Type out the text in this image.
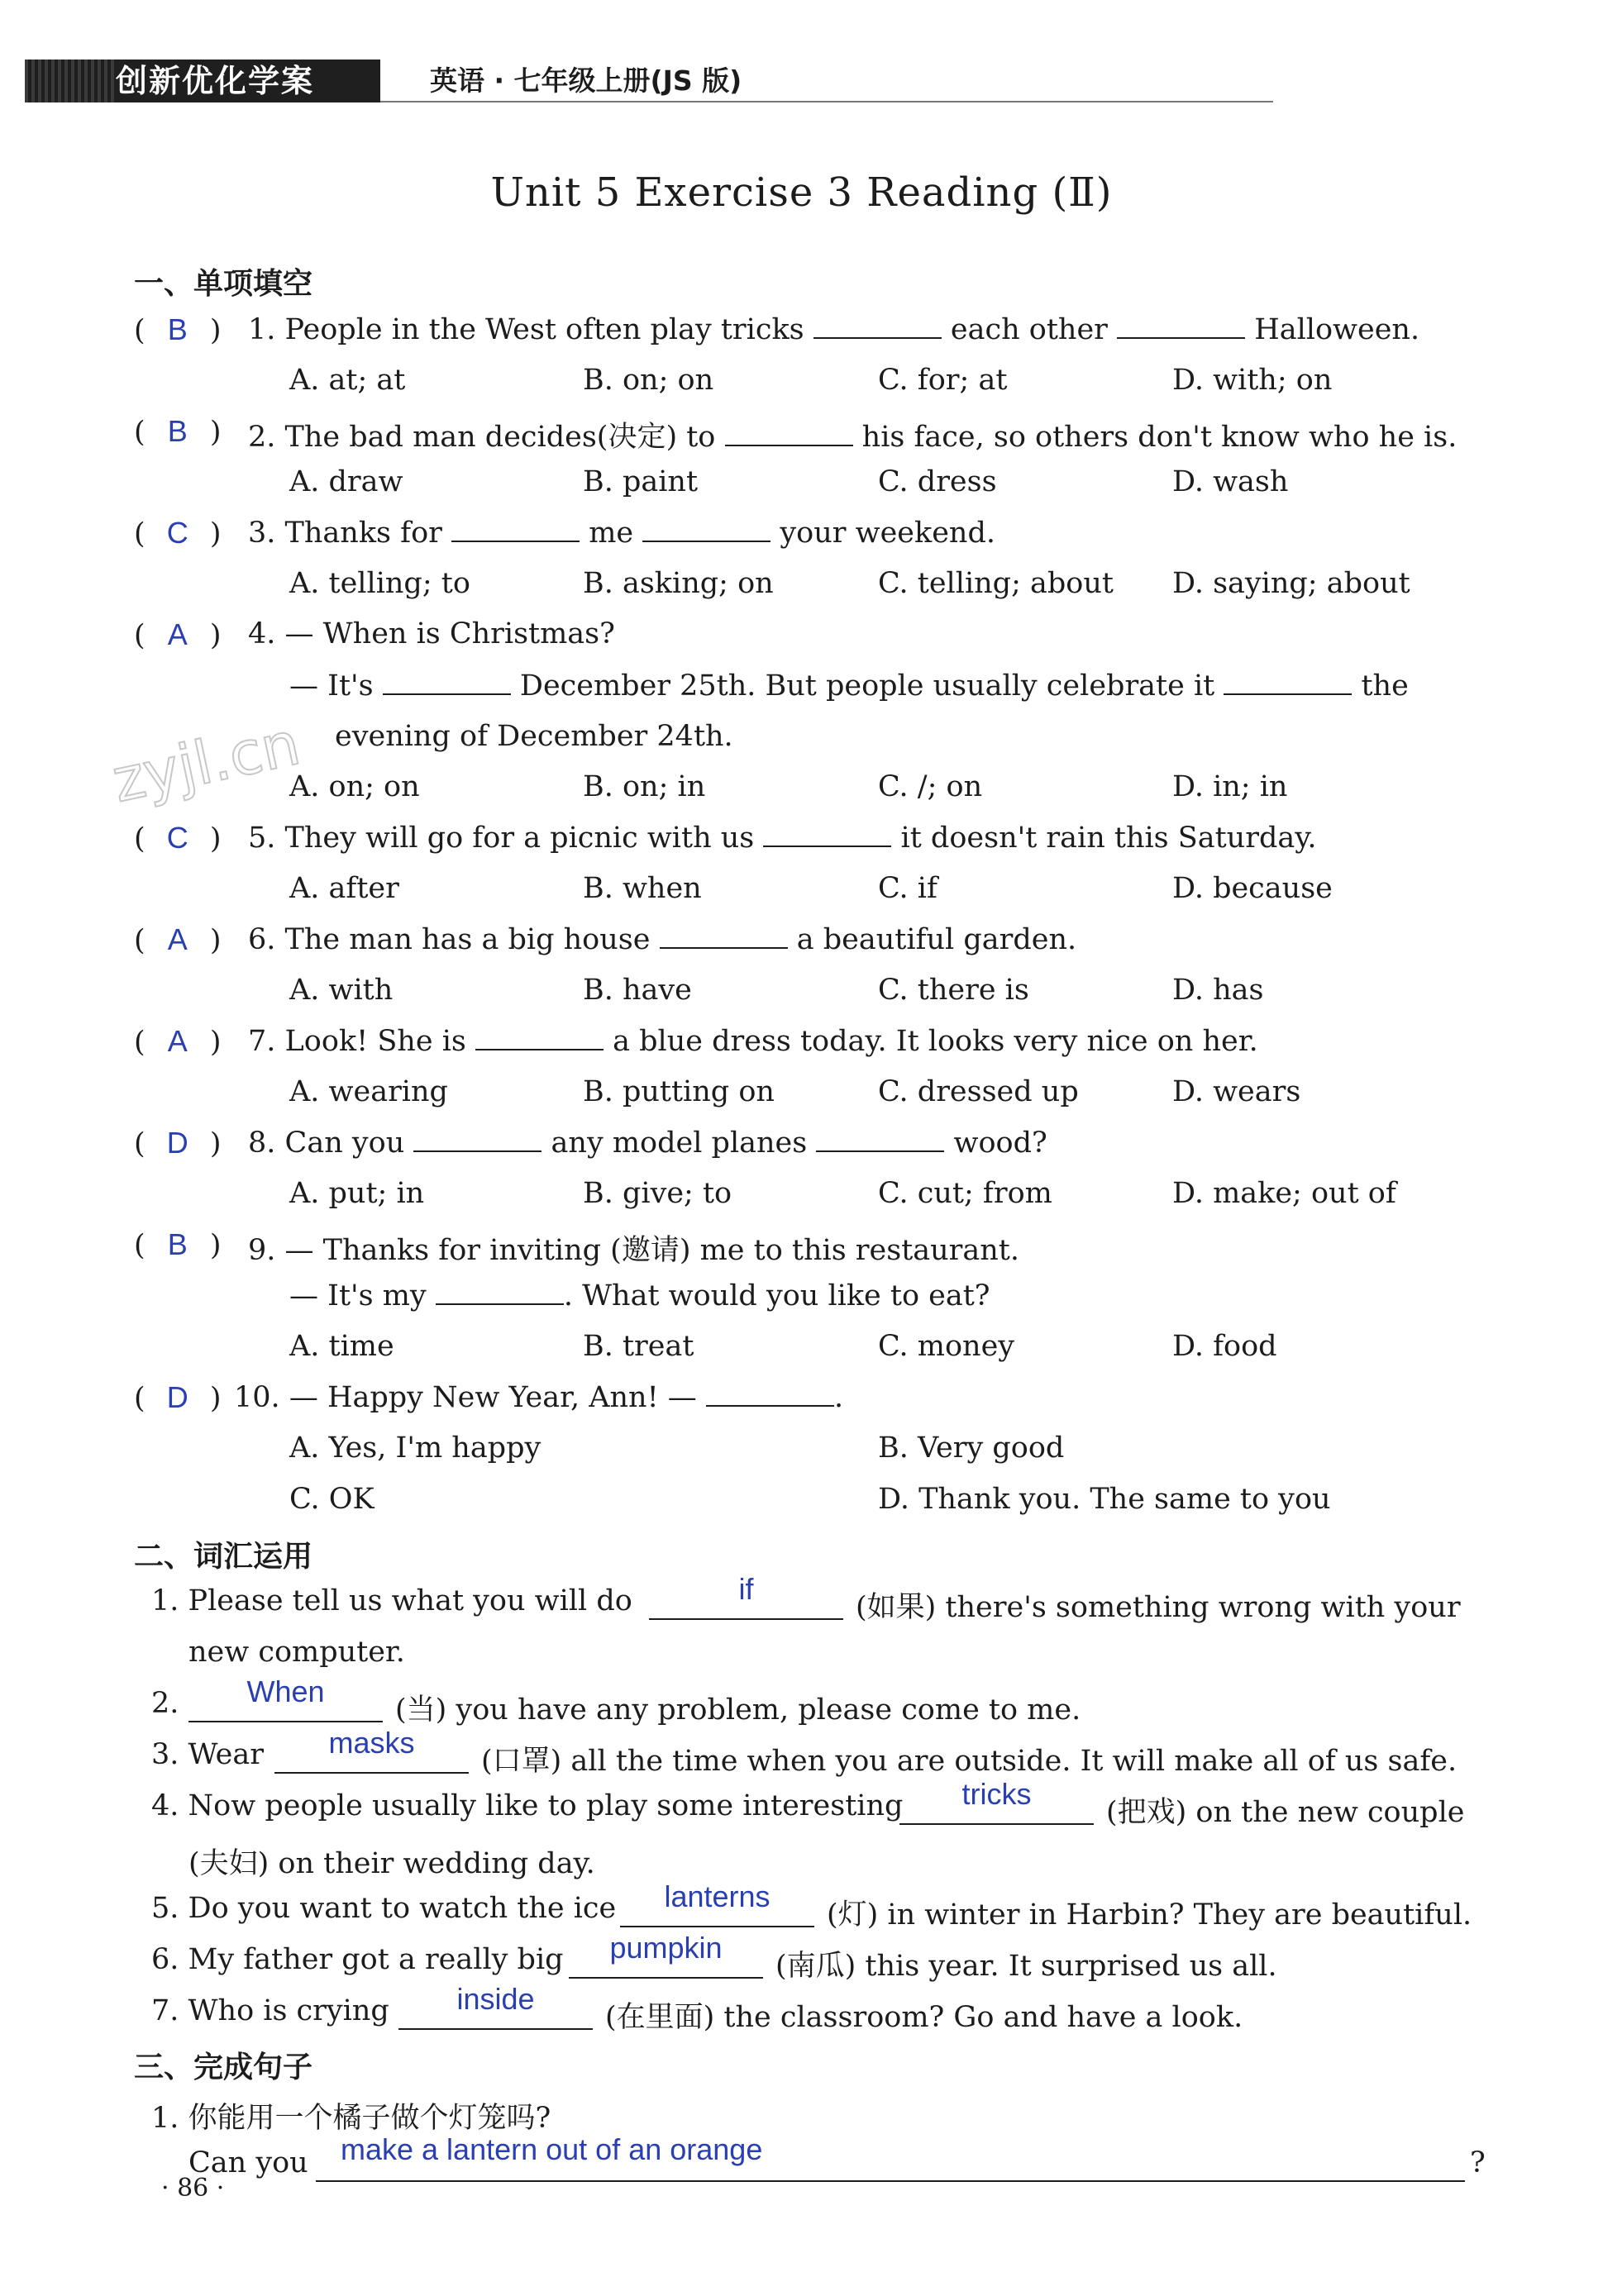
创新优化学案	英语 · 七年级上册(JS 版)
Unit 5 Exercise 3 Reading (Ⅱ)
zyjl.cn
一、单项填空
( B ) 1. People in the West often play tricks	each other	Halloween.
A. at; at	B. on; on	C. for; at	D. with; on
( B ) 2. The bad man decides(决定) to	his face, so others don't know who he is.
A. draw	B. paint	C. dress	D. wash
( C ) 3. Thanks for	me	your weekend.
A. telling; to	B. asking; on	C. telling; about D. saying; about
( A ) 4. — When is Christmas?
— It's	December 25th. But people usually celebrate it	the
evening of December 24th.
A. on; on	B. on; in	C. /; on	D. in; in
( C ) 5. They will go for a picnic with us	it doesn't rain this Saturday.
A. after	B. when	C. if	D. because
( A ) 6. The man has a big house	a beautiful garden.
A. with	B. have	C. there is	D. has
( A ) 7. Look! She is	a blue dress today. It looks very nice on her.
A. wearing	B. putting on	C. dressed up	D. wears
( D ) 8. Can you	any model planes	wood?
A. put; in	B. give; to	C. cut; from	D. make; out of
( B ) 9. — Thanks for inviting (邀请) me to this restaurant.
— It's my	. What would you like to eat?
A. time	B. treat	C. money	D. food
( D ) 10. — Happy New Year, Ann! —	.
A. Yes, I'm happy	B. Very good
C. OK	D. Thank you. The same to you
二、词汇运用
1. Please tell us what you will do	if
(如果) there's something wrong with your
new computer.
2.	When
(当) you have any problem, please come to me.
3. Wear	masks
(口罩) all the time when you are outside. It will make all of us safe.
4. Now people usually like to play some interesting	tricks
(把戏) on the new couple
(夫妇) on their wedding day.
5. Do you want to watch the ice	lanterns
(灯) in winter in Harbin? They are beautiful.
6. My father got a really big	pumpkin
(南瓜) this year. It surprised us all.
7. Who is crying	inside
(在里面) the classroom? Go and have a look.
三、完成句子
1. 你能用一个橘子做个灯笼吗?
Can you	make a lantern out of an orange	?
· 86 ·
